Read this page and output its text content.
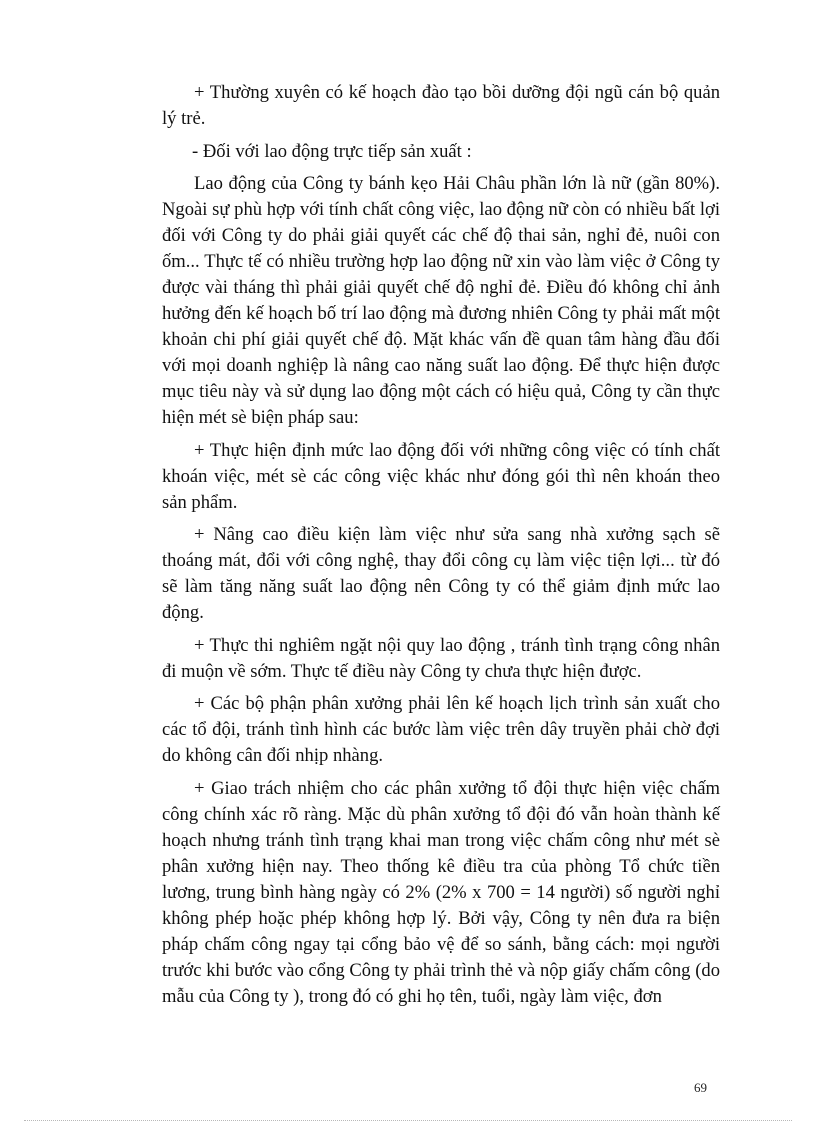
+ Thường xuyên có kế hoạch đào tạo bồi dưỡng đội ngũ cán bộ quản lý trẻ.

- Đối với lao động trực tiếp sản xuất :

Lao động của Công ty bánh kẹo Hải Châu phần lớn là nữ (gần 80%). Ngoài sự phù hợp với tính chất công việc, lao động nữ còn có nhiều bất lợi đối với Công ty do phải giải quyết các chế độ thai sản, nghỉ đẻ, nuôi con ốm... Thực tế có nhiều trường hợp lao động nữ xin vào làm việc ở Công ty được vài tháng thì phải giải quyết chế độ nghỉ đẻ. Điều đó không chỉ ảnh hưởng đến kế hoạch bố trí lao động mà đương nhiên Công ty phải mất một khoản chi phí giải quyết chế độ. Mặt khác vấn đề quan tâm hàng đầu đối với mọi doanh nghiệp là nâng cao năng suất lao động. Để thực hiện được mục tiêu này và sử dụng lao động một cách có hiệu quả, Công ty cần thực hiện mét sè biện pháp sau:

+ Thực hiện định mức lao động đối với những công việc có tính chất khoán việc, mét sè các công việc khác như đóng gói thì nên khoán theo sản phẩm.

+ Nâng cao điều kiện làm việc như sửa sang nhà xưởng sạch sẽ thoáng mát, đổi với công nghệ, thay đổi công cụ làm việc tiện lợi... từ đó sẽ làm tăng năng suất lao động nên Công ty có thể giảm định mức lao động.

+ Thực thi nghiêm ngặt nội quy lao động , tránh tình trạng công nhân đi muộn về sớm. Thực tế điều này Công ty chưa thực hiện được.

+ Các bộ phận phân xưởng phải lên kế hoạch lịch trình sản xuất cho các tổ đội, tránh tình hình các bước làm việc trên dây truyền phải chờ đợi do không cân đối nhịp nhàng.

+ Giao trách nhiệm cho các phân xưởng tổ đội thực hiện việc chấm công chính xác rõ ràng. Mặc dù phân xưởng tổ đội đó vẫn hoàn thành kế hoạch nhưng tránh tình trạng khai man trong việc chấm công như mét sè phân xưởng hiện nay. Theo thống kê điều tra của phòng Tổ chức tiền lương, trung bình hàng ngày có 2% (2% x 700 = 14 người) số người nghỉ không phép hoặc phép không hợp lý. Bởi vậy, Công ty nên đưa ra biện pháp chấm công ngay tại cổng bảo vệ để so sánh, bằng cách: mọi người trước khi bước vào cổng Công ty phải trình thẻ và nộp giấy chấm công (do mẫu của Công ty ), trong đó có ghi họ tên, tuổi, ngày làm việc, đơn

69
